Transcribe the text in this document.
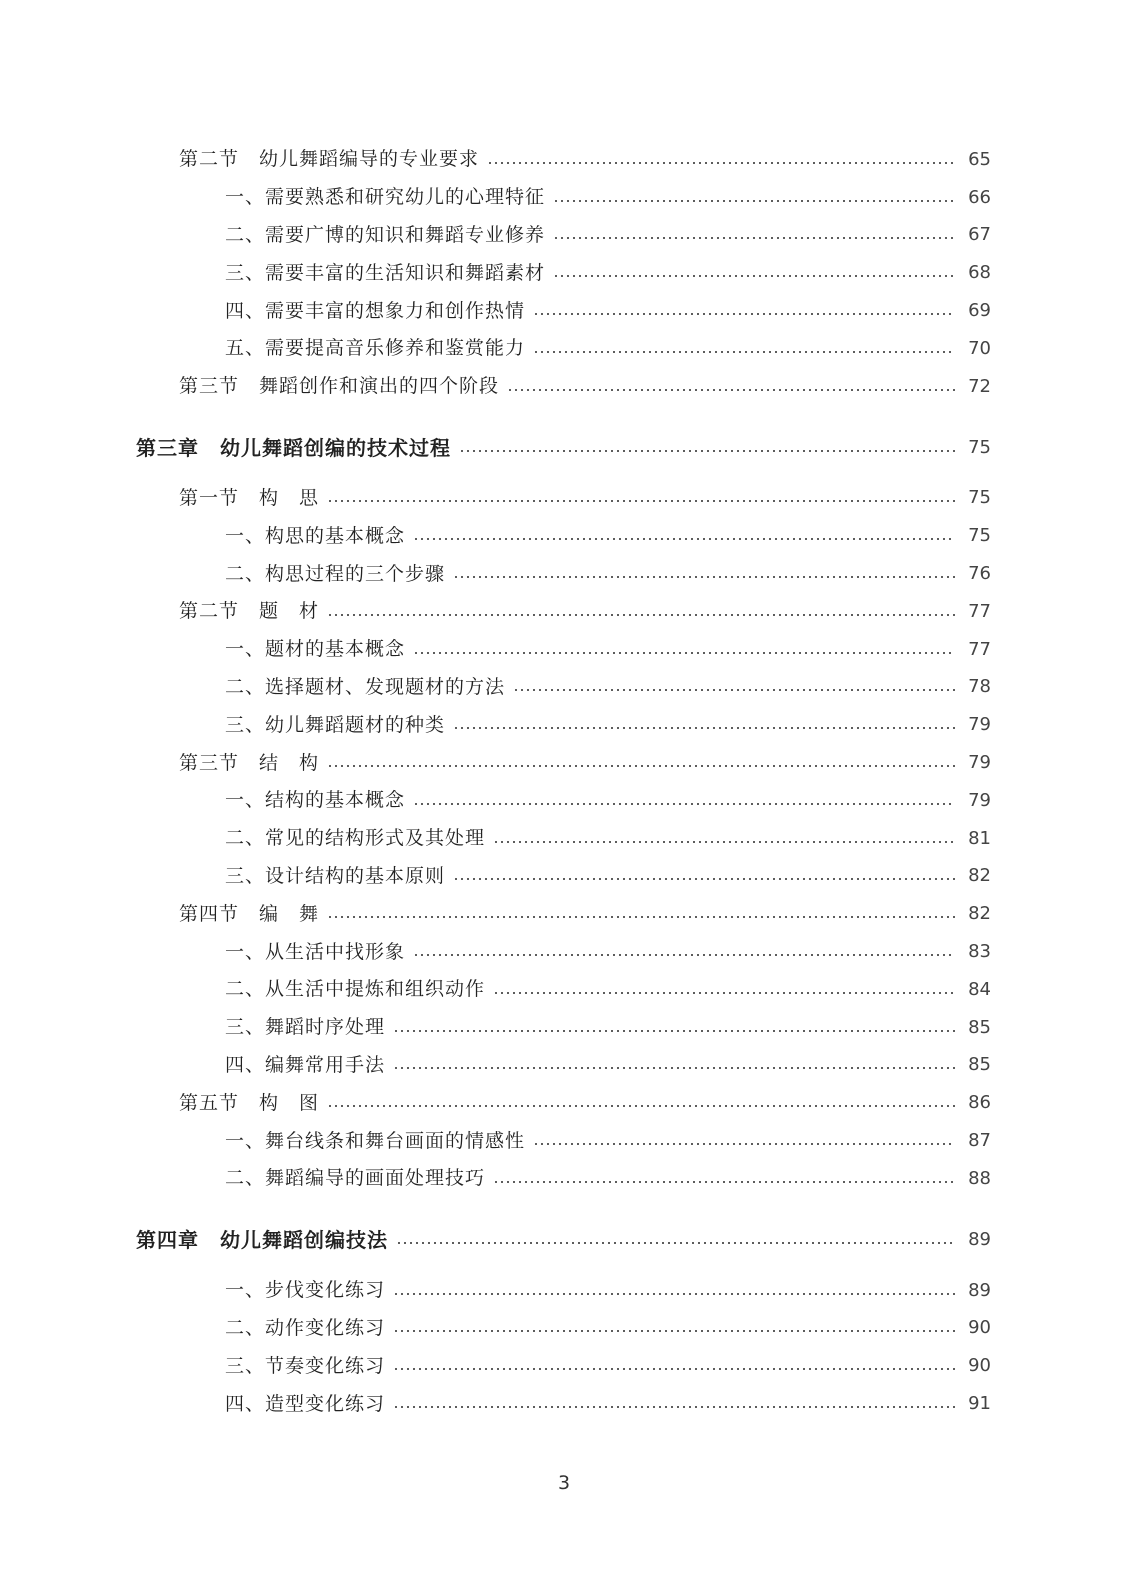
第二节　幼儿舞蹈编导的专业要求	65
一、需要熟悉和研究幼儿的心理特征	66
二、需要广博的知识和舞蹈专业修养	67
三、需要丰富的生活知识和舞蹈素材	68
四、需要丰富的想象力和创作热情	69
五、需要提高音乐修养和鉴赏能力	70
第三节　舞蹈创作和演出的四个阶段	72
第三章　幼儿舞蹈创编的技术过程	75
第一节　构　思	75
一、构思的基本概念	75
二、构思过程的三个步骤	76
第二节　题　材	77
一、题材的基本概念	77
二、选择题材、发现题材的方法	78
三、幼儿舞蹈题材的种类	79
第三节　结　构	79
一、结构的基本概念	79
二、常见的结构形式及其处理	81
三、设计结构的基本原则	82
第四节　编　舞	82
一、从生活中找形象	83
二、从生活中提炼和组织动作	84
三、舞蹈时序处理	85
四、编舞常用手法	85
第五节　构　图	86
一、舞台线条和舞台画面的情感性	87
二、舞蹈编导的画面处理技巧	88
第四章　幼儿舞蹈创编技法	89
一、步伐变化练习	89
二、动作变化练习	90
三、节奏变化练习	90
四、造型变化练习	91
3
